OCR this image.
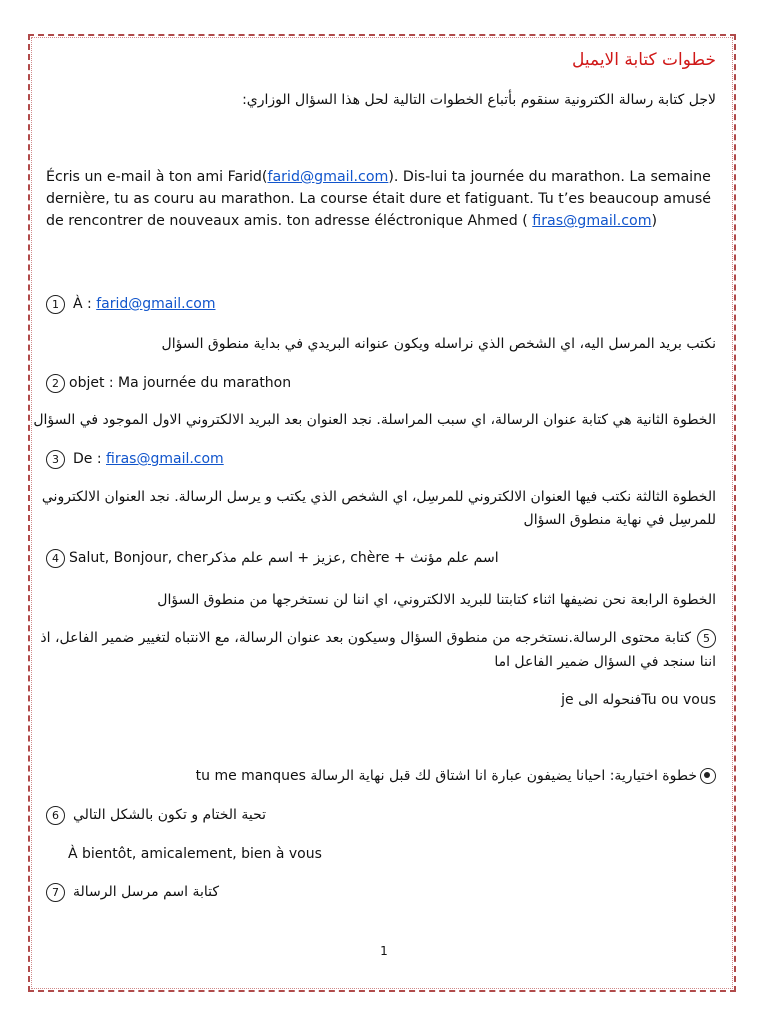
خطوات كتابة الايميل
لاجل كتابة رسالة الكترونية سنقوم بأتباع الخطوات التالية لحل هذا السؤال الوزاري:
Écris un e-mail à ton ami Farid(farid@gmail.com). Dis-lui ta journée du marathon. La semaine dernière, tu as couru au marathon. La course était dure et fatiguant. Tu t’es beaucoup amusé de rencontrer de nouveaux amis. ton adresse éléctronique Ahmed ( firas@gmail.com)
1 À : farid@gmail.com
نكتب بريد المرسل اليه، اي الشخص الذي نراسله ويكون عنوانه البريدي في بداية منطوق السؤال
2 objet : Ma journée du marathon
الخطوة الثانية هي كتابة عنوان الرسالة، اي سبب المراسلة. نجد العنوان بعد البريد الالكتروني الاول الموجود في السؤال
3 De : firas@gmail.com
الخطوة الثالثة نكتب فيها العنوان الالكتروني للمرسِل، اي الشخص الذي يكتب و يرسل الرسالة. نجد العنوان الالكتروني
للمرسِل في نهاية منطوق السؤال
4 Salut, Bonjour, cherعزيز + اسم علم مذكر, chère + اسم علم مؤنث
الخطوة الرابعة نحن نضيفها اثناء كتابتنا للبريد الالكتروني، اي اننا لن نستخرجها من منطوق السؤال
5كتابة محتوى الرسالة.نستخرجه من منطوق السؤال وسيكون بعد عنوان الرسالة، مع الانتباه لتغيير ضمير الفاعل، اذ
اننا سنجد في السؤال ضمير الفاعل اما
Tu ou vousفنحوله الى je
خطوة اختيارية: احيانا يضيفون عبارة انا اشتاق لك قبل نهاية الرسالة tu me manques
6 تحية الختام و تكون بالشكل التالي
À bientôt, amicalement, bien à vous
7 كتابة اسم مرسل الرسالة
1
